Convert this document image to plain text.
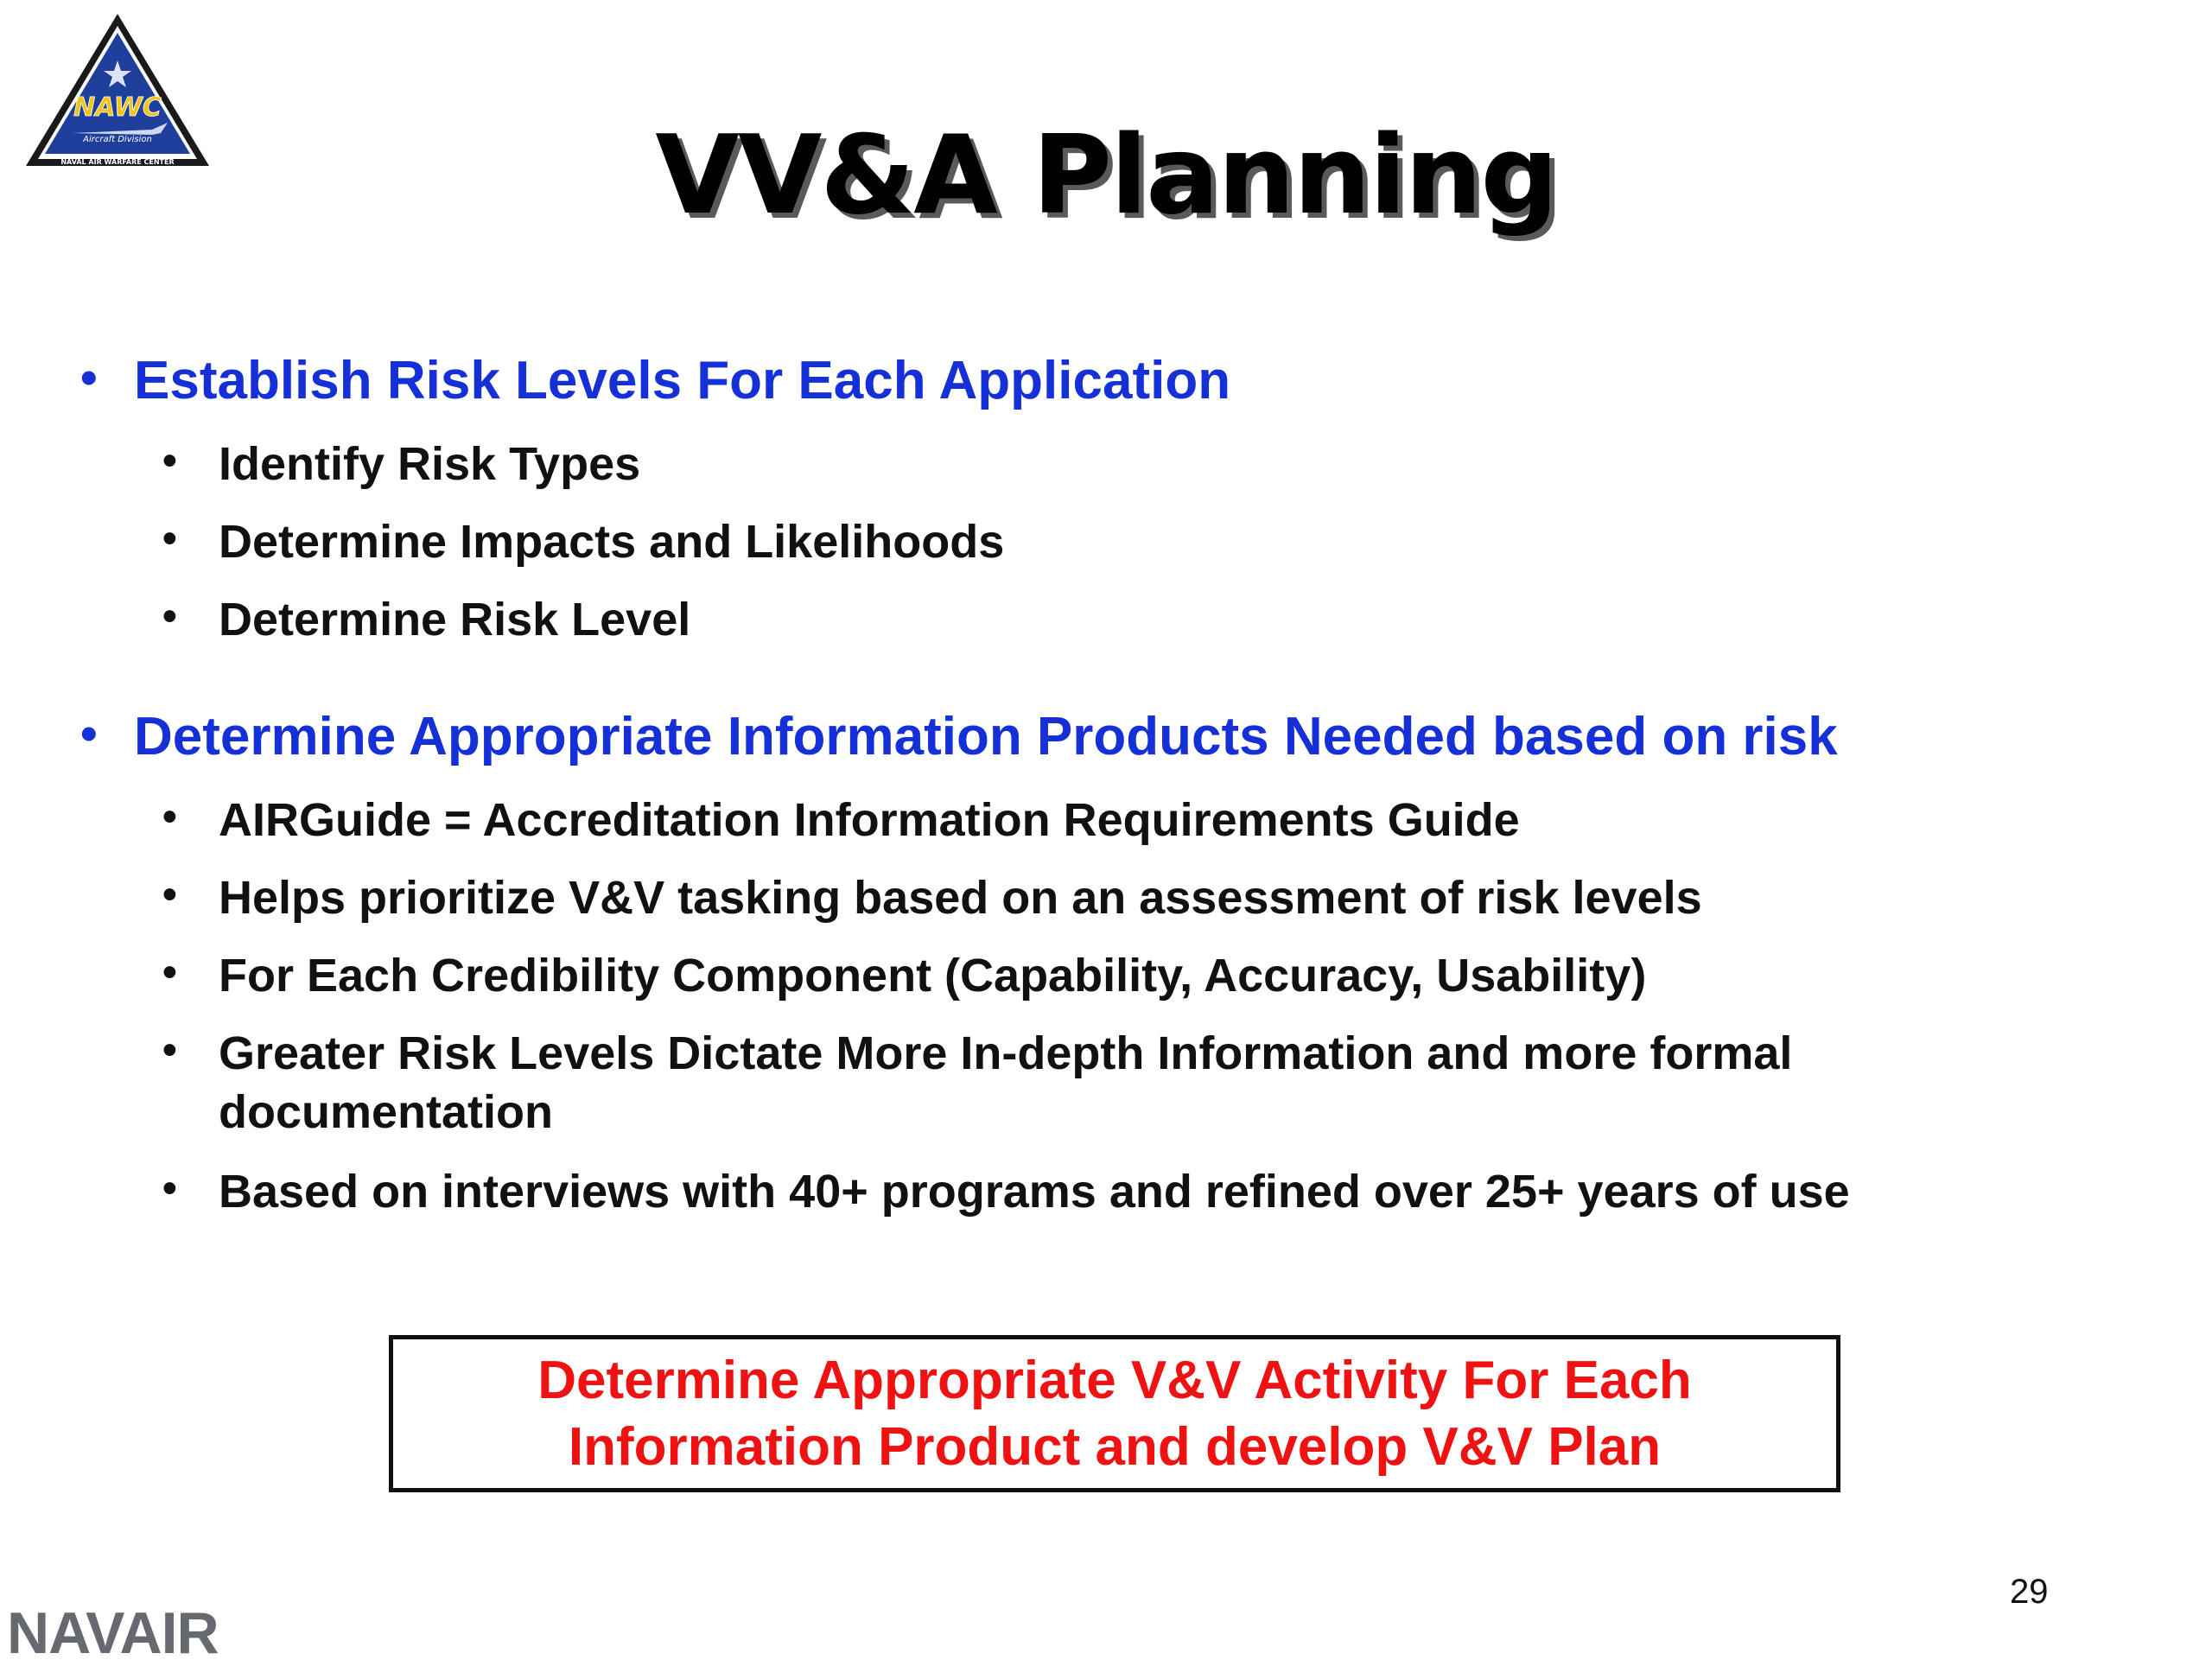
NAWC
Aircraft Division
NAVAL AIR WARFARE CENTER	VV&A Planning
• Establish Risk Levels For Each Application
• Identify Risk Types
• Determine Impacts and Likelihoods
• Determine Risk Level
• Determine Appropriate Information Products Needed based on risk
• AIRGuide = Accreditation Information Requirements Guide
• Helps prioritize V&V tasking based on an assessment of risk levels
• For Each Credibility Component (Capability, Accuracy, Usability)
• Greater Risk Levels Dictate More In-depth Information and more formal
documentation
• Based on interviews with 40+ programs and refined over 25+ years of use
Determine Appropriate V&V Activity For Each
Information Product and develop V&V Plan
29
NAVAIR
